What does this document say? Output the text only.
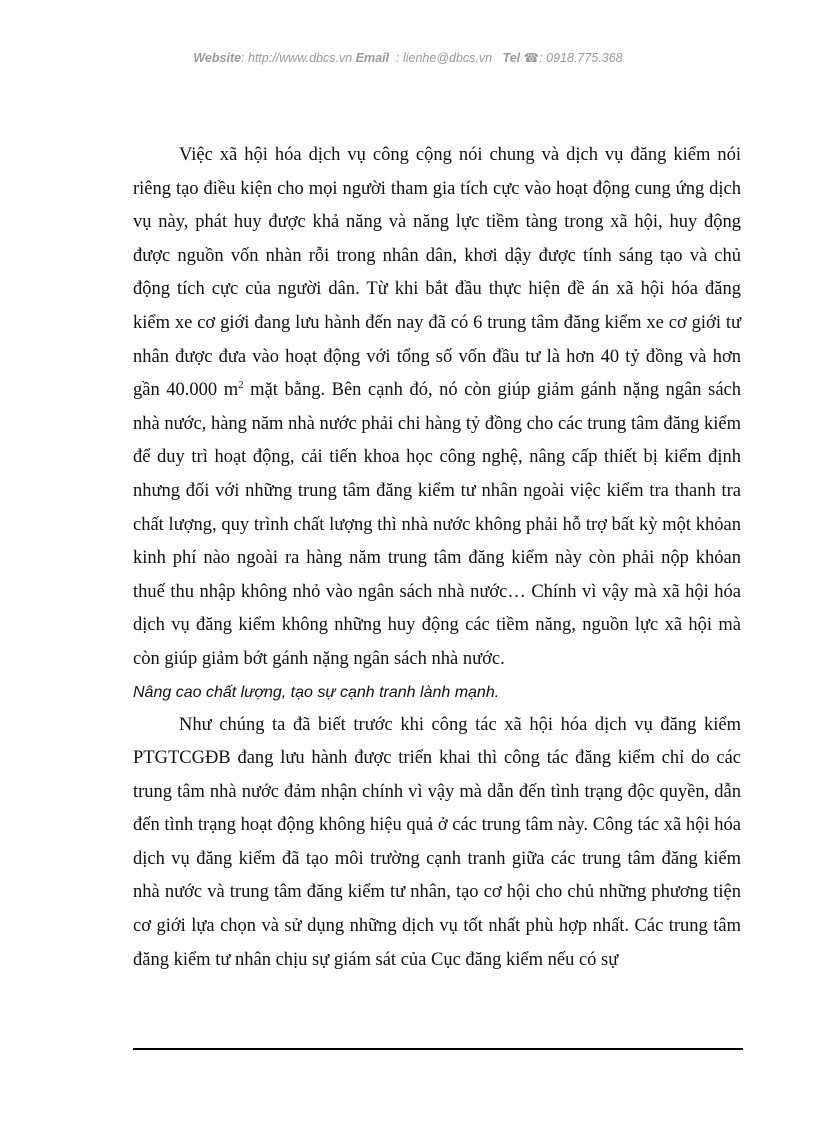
Website: http://www.dbcs.vn Email : lienhe@dbcs.vn Tel ☎: 0918.775.368

Việc xã hội hóa dịch vụ công cộng nói chung và dịch vụ đăng kiểm nói riêng tạo điều kiện cho mọi người tham gia tích cực vào hoạt động cung ứng dịch vụ này, phát huy được khả năng và năng lực tiềm tàng trong xã hội, huy động được nguồn vốn nhàn rỗi trong nhân dân, khơi dậy được tính sáng tạo và chủ động tích cực của người dân. Từ khi bắt đầu thực hiện đề án xã hội hóa đăng kiểm xe cơ giới đang lưu hành đến nay đã có 6 trung tâm đăng kiểm xe cơ giới tư nhân được đưa vào hoạt động với tổng số vốn đầu tư là hơn 40 tỷ đồng và hơn gần 40.000 $m^2$ mặt bằng. Bên cạnh đó, nó còn giúp giảm gánh nặng ngân sách nhà nước, hàng năm nhà nước phải chi hàng tỷ đồng cho các trung tâm đăng kiểm để duy trì hoạt động, cải tiến khoa học công nghệ, nâng cấp thiết bị kiểm định nhưng đối với những trung tâm đăng kiểm tư nhân ngoài việc kiểm tra thanh tra chất lượng, quy trình chất lượng thì nhà nước không phải hỗ trợ bất kỳ một khỏan kinh phí nào ngoài ra hàng năm trung tâm đăng kiểm này còn phải nộp khỏan thuế thu nhập không nhỏ vào ngân sách nhà nước… Chính vì vậy mà xã hội hóa dịch vụ đăng kiểm không những huy động các tiềm năng, nguồn lực xã hội mà còn giúp giảm bớt gánh nặng ngân sách nhà nước.

Nâng cao chất lượng, tạo sự cạnh tranh lành mạnh.

Như chúng ta đã biết trước khi công tác xã hội hóa dịch vụ đăng kiểm PTGTCGĐB đang lưu hành được triển khai thì công tác đăng kiểm chỉ do các trung tâm nhà nước đảm nhận chính vì vậy mà dẫn đến tình trạng độc quyền, dẫn đến tình trạng hoạt động không hiệu quả ở các trung tâm này. Công tác xã hội hóa dịch vụ đăng kiểm đã tạo môi trường cạnh tranh giữa các trung tâm đăng kiểm nhà nước và trung tâm đăng kiểm tư nhân, tạo cơ hội cho chủ những phương tiện cơ giới lựa chọn và sử dụng những dịch vụ tốt nhất phù hợp nhất. Các trung tâm đăng kiểm tư nhân chịu sự giám sát của Cục đăng kiểm nếu có sự
